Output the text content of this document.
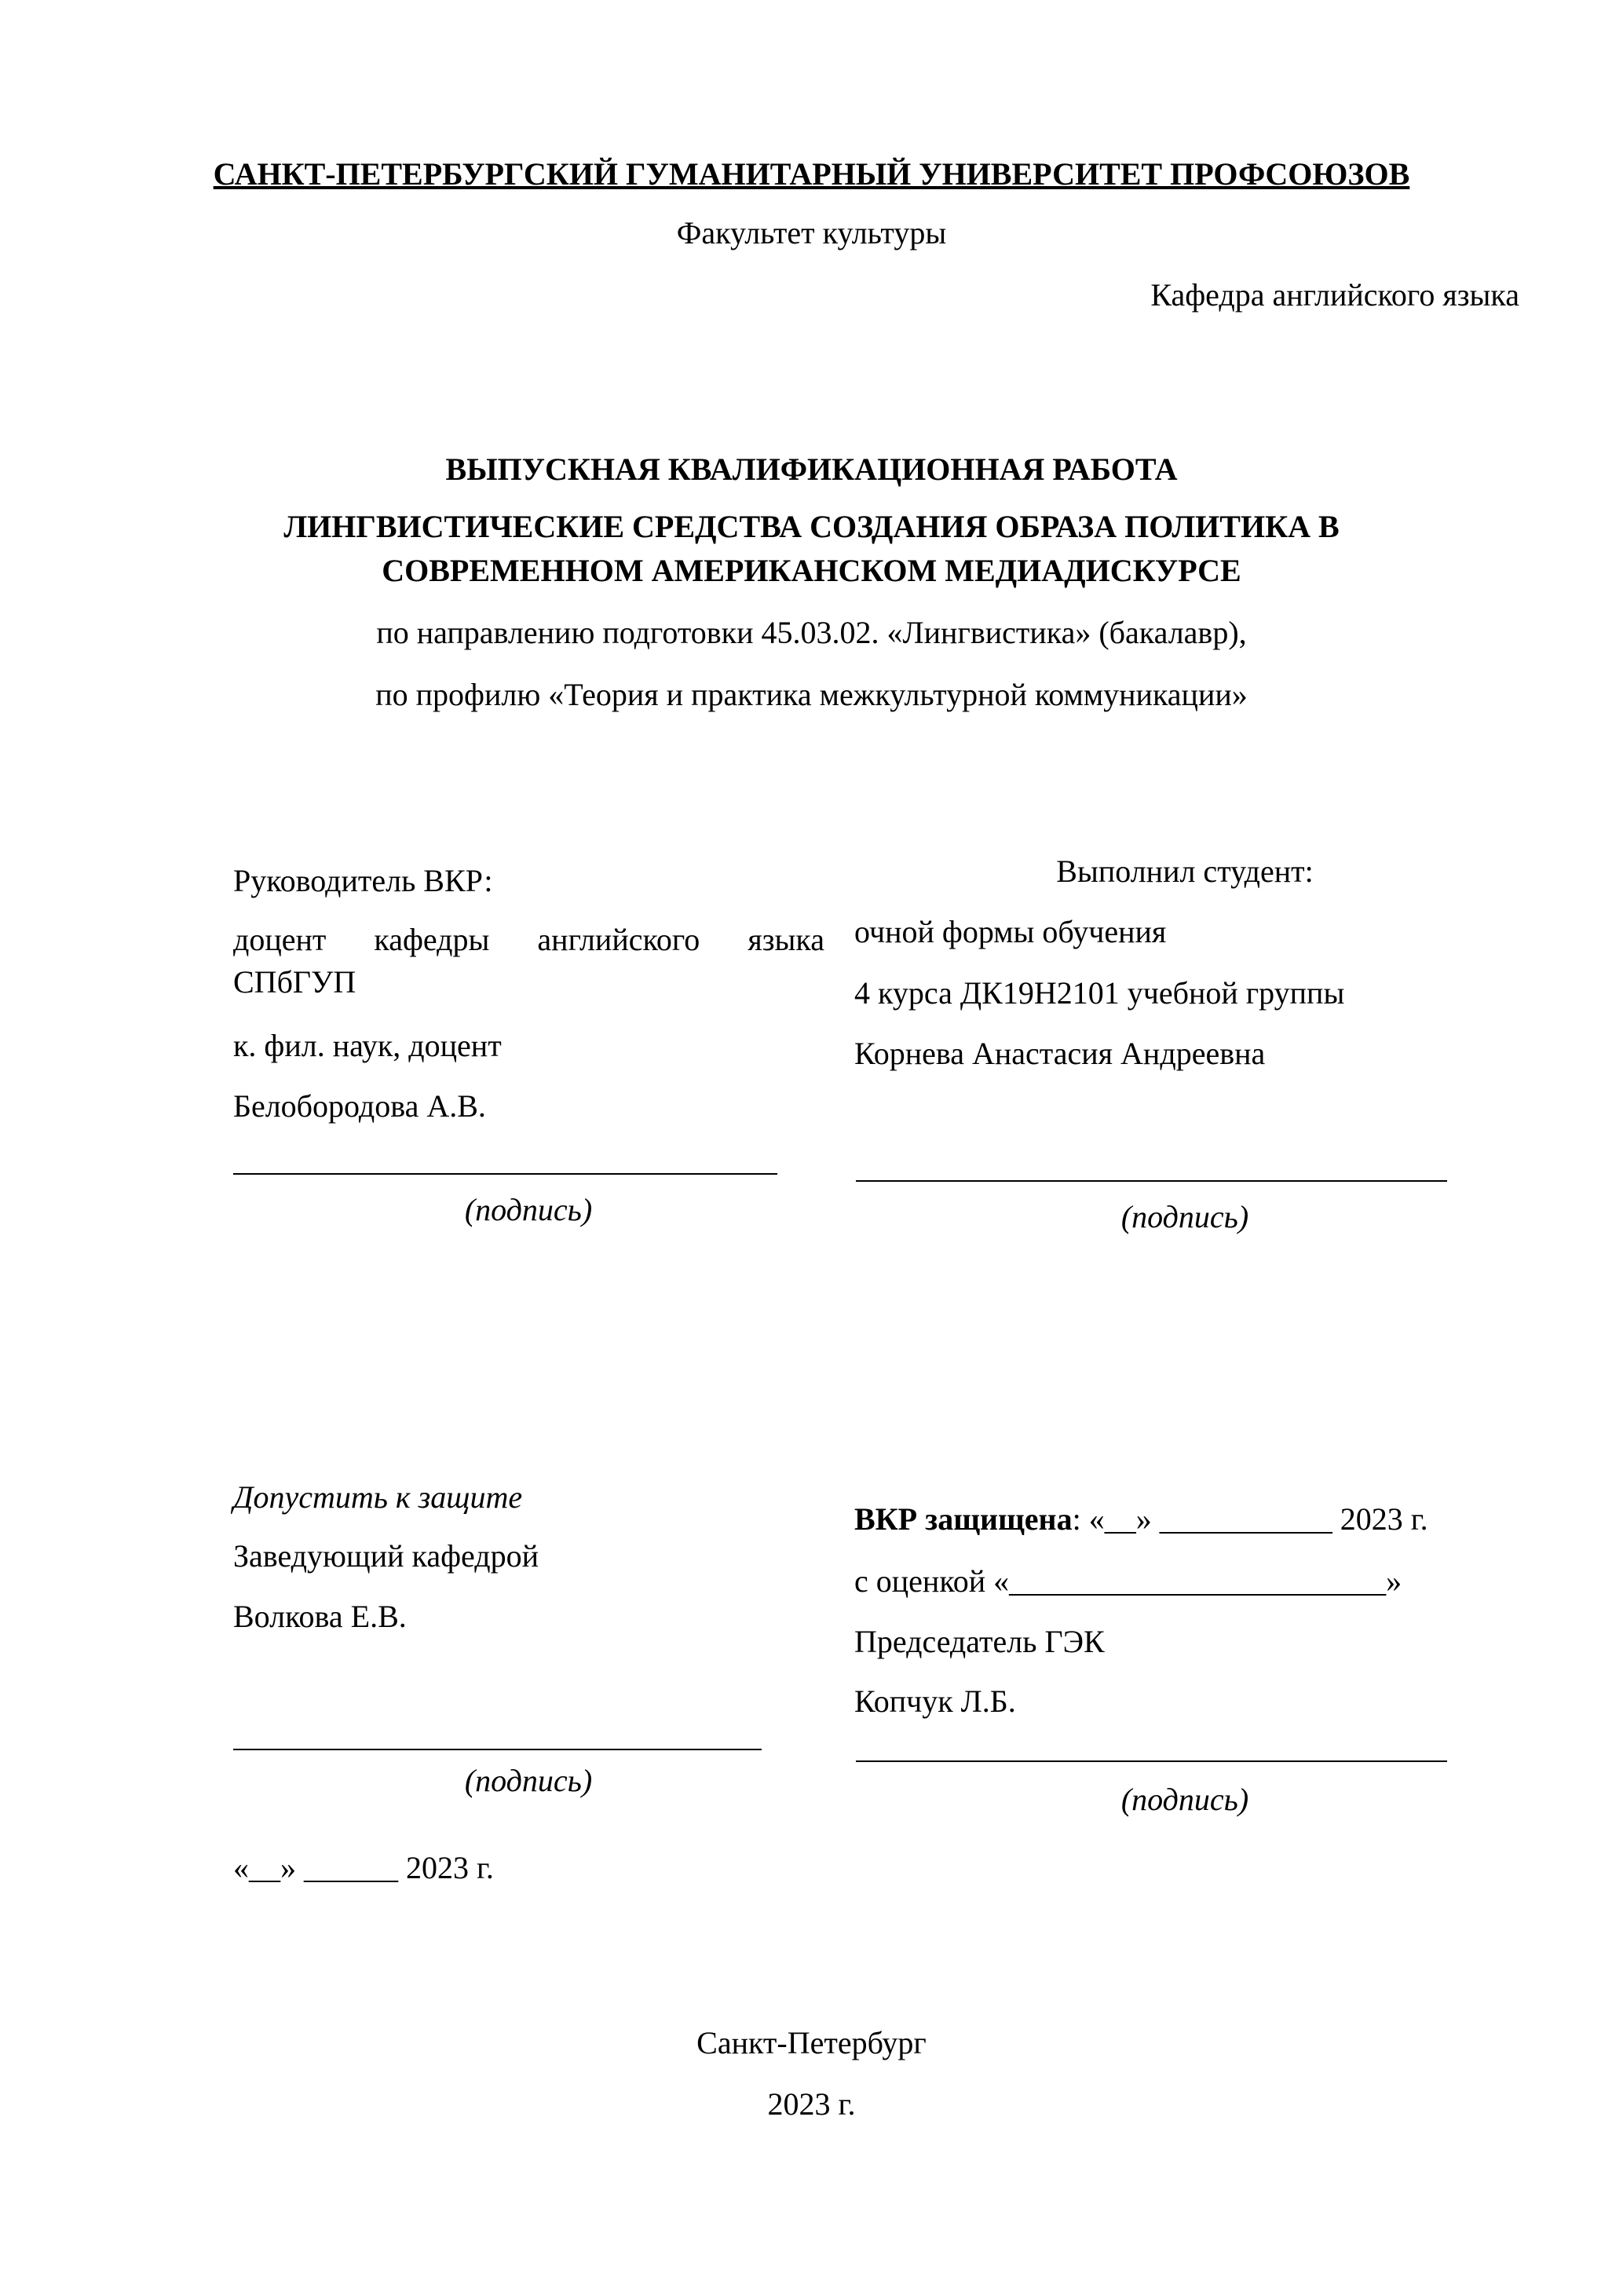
САНКТ-ПЕТЕРБУРГСКИЙ ГУМАНИТАРНЫЙ УНИВЕРСИТЕТ ПРОФСОЮЗОВ
Факультет культуры
Кафедра английского языка
ВЫПУСКНАЯ КВАЛИФИКАЦИОННАЯ РАБОТА
ЛИНГВИСТИЧЕСКИЕ СРЕДСТВА СОЗДАНИЯ ОБРАЗА ПОЛИТИКА В
СОВРЕМЕННОМ АМЕРИКАНСКОМ МЕДИАДИСКУРСЕ
по направлению подготовки 45.03.02. «Лингвистика» (бакалавр),
по профилю «Теория и практика межкультурной коммуникации»
Руководитель ВКР:
доцент кафедры английского языка
СПбГУП
к. фил. наук, доцент
Белобородова А.В.
(подпись)
Выполнил студент:
очной формы обучения
4 курса ДК19Н2101 учебной группы
Корнева Анастасия Андреевна
(подпись)
Допустить к защите
Заведующий кафедрой
Волкова Е.В.
(подпись)
«__» ______ 2023 г.
ВКР защищена: «__» ___________ 2023 г.
с оценкой «________________________»
Председатель ГЭК
Копчук Л.Б.
(подпись)
Санкт-Петербург
2023 г.
